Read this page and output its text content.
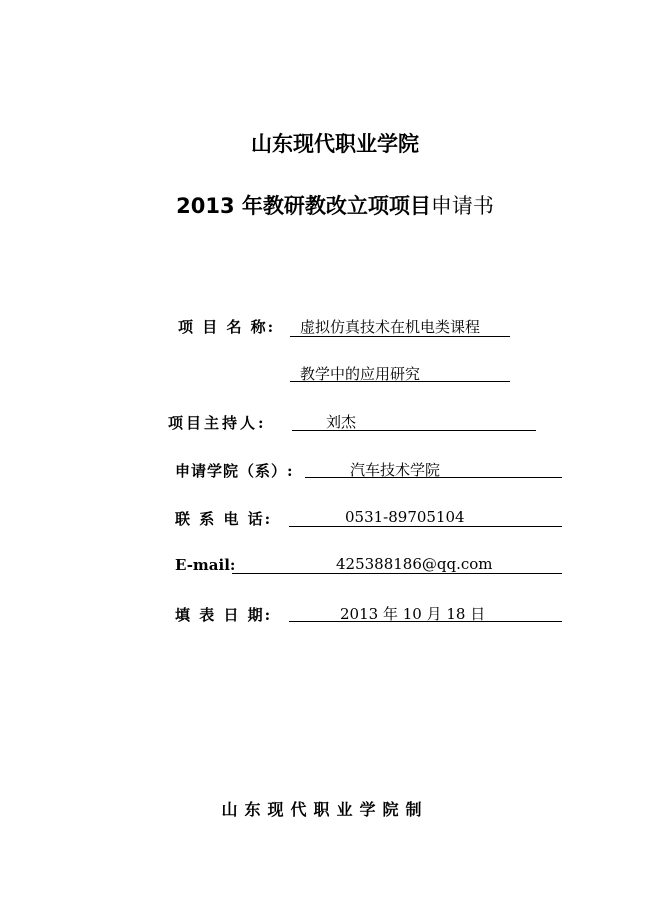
山东现代职业学院
2013 年教研教改立项项目申请书
项 目 名 称: 虚拟仿真技术在机电类课程
教学中的应用研究
项目主持人:	刘杰
申请学院（系）:	汽车技术学院
联 系 电 话:	0531-89705104
E-mail:	425388186@qq.com
填 表 日 期:	2013 年 10 月 18 日
山东现代职业学院制
